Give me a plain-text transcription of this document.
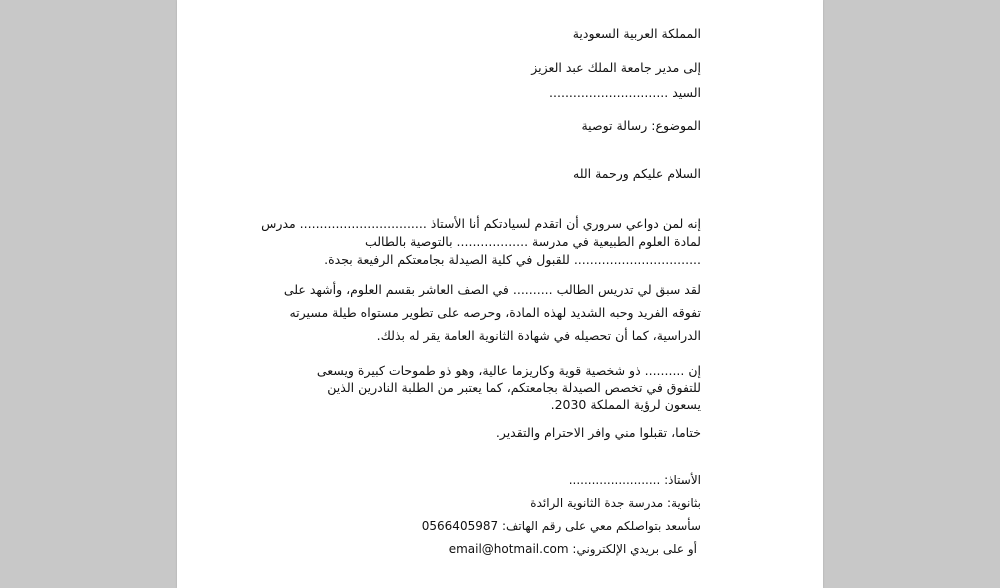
المملكة العربية السعودية
إلى مدير جامعة الملك عبد العزيز
السيد ..............................
الموضوع: رسالة توصية
السلام عليكم ورحمة الله
إنه لمن دواعي سروري أن اتقدم لسيادتكم أنا الأستاذ ................................ مدرس
لمادة العلوم الطبيعية في مدرسة .................. بالتوصية بالطالب
................................ للقبول في كلية الصيدلة بجامعتكم الرفيعة بجدة.
لقد سبق لي تدريس الطالب .......... في الصف العاشر بقسم العلوم، وأشهد على
تفوقه الفريد وحبه الشديد لهذه المادة، وحرصه على تطوير مستواه طيلة مسيرته
الدراسية، كما أن تحصيله في شهادة الثانوية العامة يقر له بذلك.
إن .......... ذو شخصية قوية وكاريزما عالية، وهو ذو طموحات كبيرة ويسعى
للتفوق في تخصص الصيدلة بجامعتكم، كما يعتبر من الطلبة النادرين الذين
يسعون لرؤية المملكة 2030.
ختاما، تقبلوا مني وافر الاحترام والتقدير.
الأستاذ: ........................
بثانوية: مدرسة جدة الثانوية الرائدة
سأسعد بتواصلكم معي على رقم الهاتف: 0566405987
أو على بريدي الإلكتروني: email@hotmail.com
